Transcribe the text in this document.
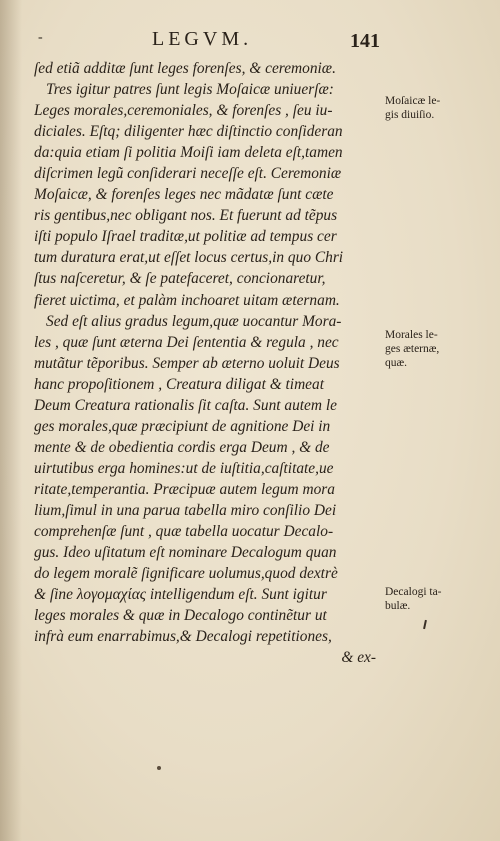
-	LEGVM.	141
ſed etiã additæ ſunt leges forenſes, & ceremoniæ.
Tres igitur patres ſunt legis Moſaicæ uniuerſæ:
Leges morales,ceremoniales, & forenſes , ſeu iu-
diciales. Eſtq; diligenter hæc diſtinctio conſideran
da:quia etiam ſi politia Moiſi iam deleta eſt,tamen
diſcrimen legũ conſiderari neceſſe eſt. Ceremoniæ
Moſaicæ, & forenſes leges nec mãdatæ ſunt cæte
ris gentibus,nec obligant nos. Et fuerunt ad tẽpus
iſti populo Iſrael traditæ,ut politiæ ad tempus cer
tum duratura erat,ut eſſet locus certus,in quo Chri
ſtus naſceretur, & ſe patefaceret, concionaretur,
fieret uictima, et palàm inchoaret uitam æternam.
Sed eſt alius gradus legum,quæ uocantur Mora-
les , quæ ſunt æterna Dei ſententia & regula , nec
mutãtur tẽporibus. Semper ab æterno uoluit Deus
hanc propoſitionem , Creatura diligat & timeat
Deum Creatura rationalis ſit caſta. Sunt autem le
ges morales,quæ præcipiunt de agnitione Dei in
mente & de obedientia cordis erga Deum , & de
uirtutibus erga homines:ut de iuſtitia,caſtitate,ue
ritate,temperantia. Præcipuæ autem legum mora
lium,ſimul in una parua tabella miro conſilio Dei
comprehenſæ ſunt , quæ tabella uocatur Decalo-
gus. Ideo uſitatum eſt nominare Decalogum quan
do legem moralẽ ſignificare uolumus,quod dextrè
& ſine λογομαχίας intelligendum eſt. Sunt igitur
leges morales & quæ in Decalogo continẽtur ut
infrà eum enarrabimus,& Decalogi repetitiones,
& ex-
Moſaicæ le-
gis diuiſio.
Morales le-
ges æternæ,
quæ.
Decalogi ta-
bulæ.
